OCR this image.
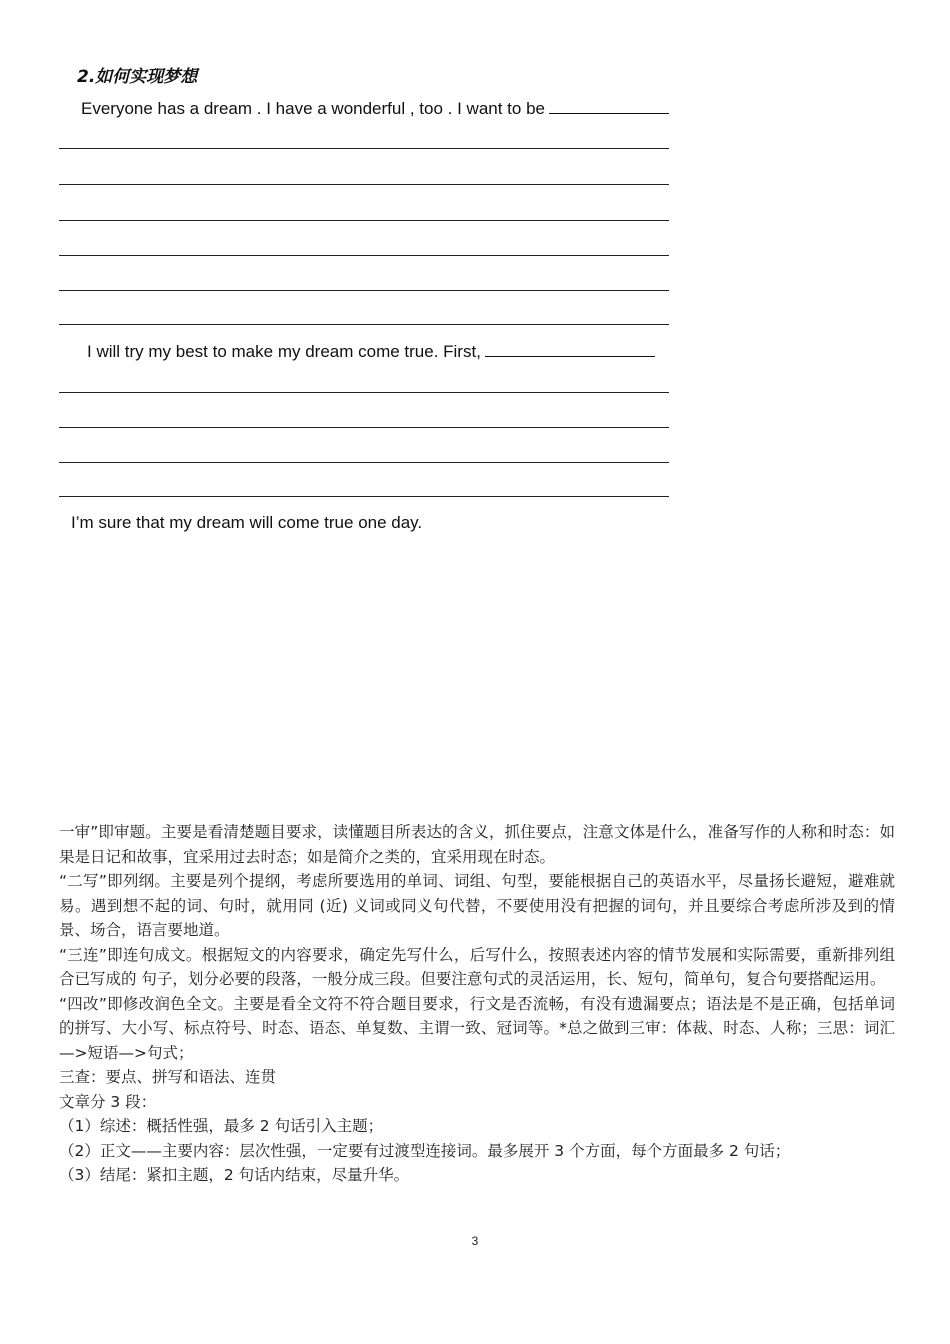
2.如何实现梦想
Everyone has a dream . I have a wonderful , too . I want to be
I will try my best to make my dream come true. First,
I’m sure that my dream will come true one day.

一审”即审题。主要是看清楚题目要求，读懂题目所表达的含义，抓住要点，注意文体是什么，准备写作的人称和时态：如果是日记和故事，宜采用过去时态；如是简介之类的，宜采用现在时态。

“二写”即列纲。主要是列个提纲，考虑所要选用的单词、词组、句型，要能根据自己的英语水平，尽量扬长避短，避难就易。遇到想不起的词、句时，就用同 (近) 义词或同义句代替，不要使用没有把握的词句，并且要综合考虑所涉及到的情景、场合，语言要地道。

“三连”即连句成文。根据短文的内容要求，确定先写什么，后写什么，按照表述内容的情节发展和实际需要，重新排列组合已写成的 句子，划分必要的段落，一般分成三段。但要注意句式的灵活运用，长、短句，简单句，复合句要搭配运用。

“四改”即修改润色全文。主要是看全文符不符合题目要求，行文是否流畅，有没有遗漏要点；语法是不是正确，包括单词的拼写、大小写、标点符号、时态、语态、单复数、主谓一致、冠词等。*总之做到三审：体裁、时态、人称；三思：词汇—>短语—>句式；

三查：要点、拼写和语法、连贯

文章分 3 段：

（1）综述：概括性强，最多 2 句话引入主题；

（2）正文——主要内容：层次性强，一定要有过渡型连接词。最多展开 3 个方面，每个方面最多 2 句话；

（3）结尾：紧扣主题，2 句话内结束，尽量升华。

3
